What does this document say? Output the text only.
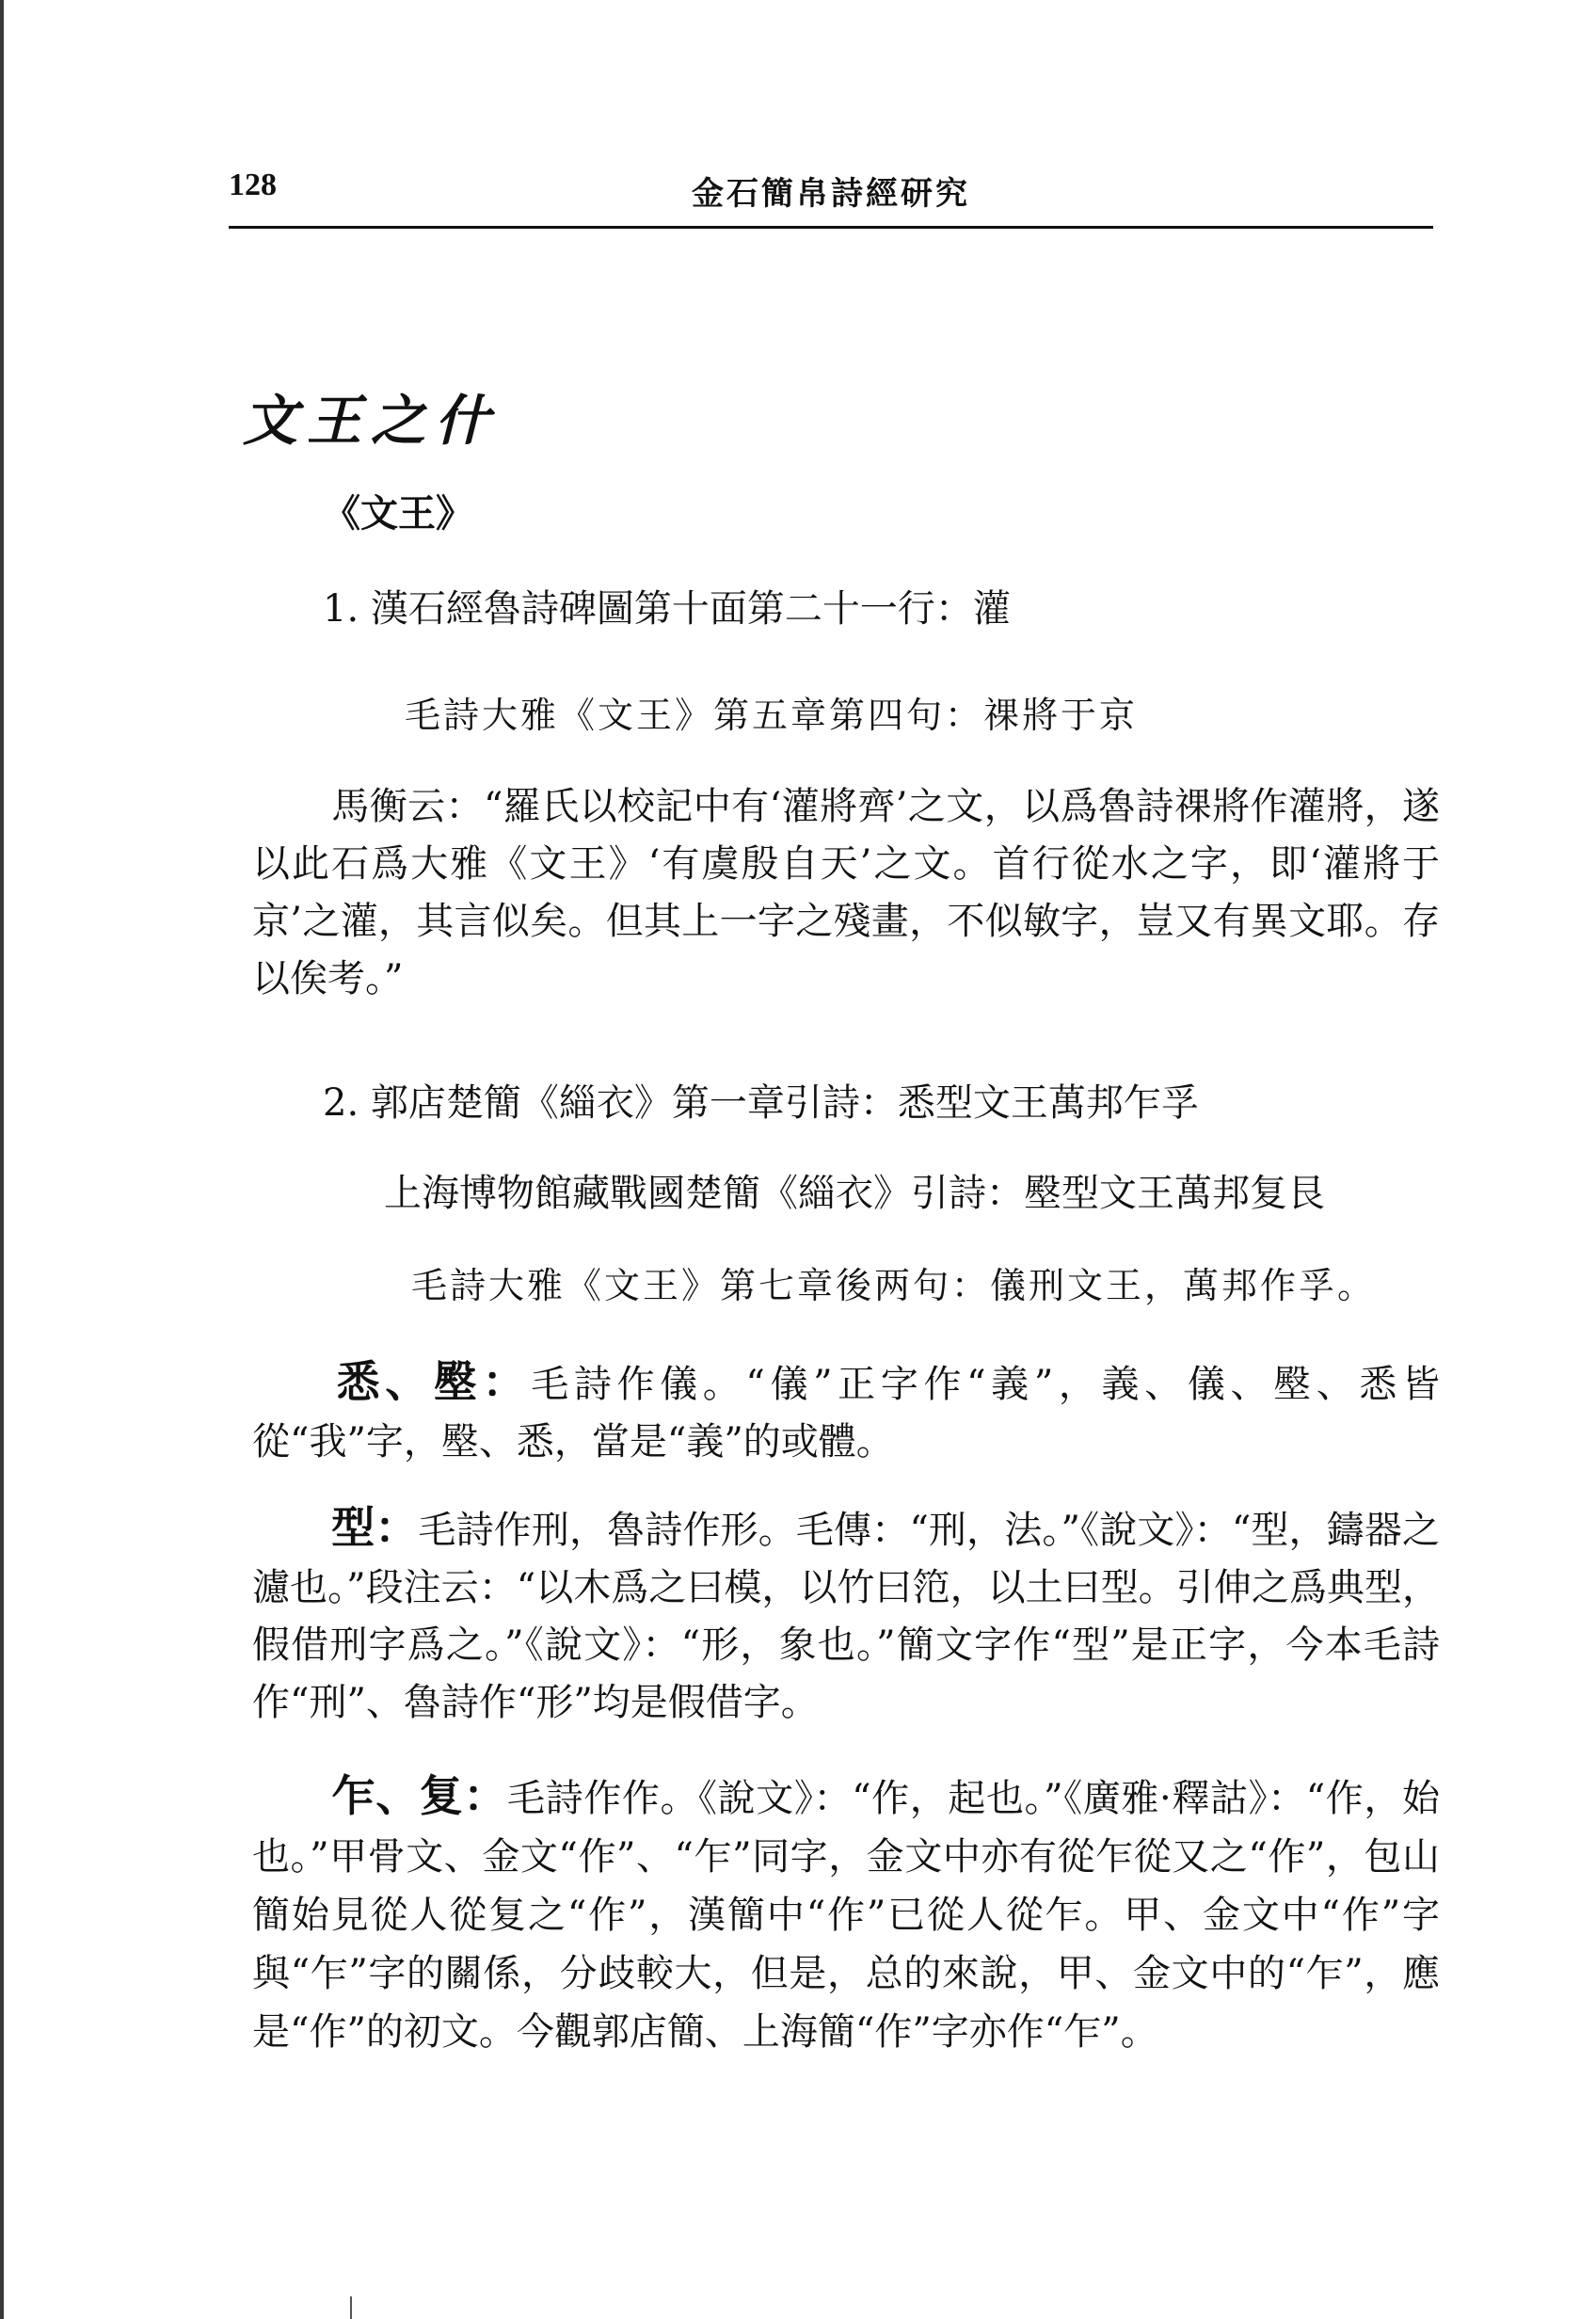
128	金石簡帛詩經研究
文王之什
《文王》
1. 漢石經魯詩碑圖第十面第二十一行：灌
毛詩大雅《文王》第五章第四句：祼將于京
馬衡云：“羅氏以校記中有‘灌將齊’之文，以爲魯詩祼將作灌將，遂以此石爲大雅《文王》‘有虞殷自天’之文。首行從水之字，即‘灌將于京’之灌，其言似矣。但其上一字之殘畫，不似敏字，豈又有異文耶。存以俟考。”
2. 郭店楚簡《緇衣》第一章引詩：悉型文王萬邦乍孚
上海博物館藏戰國楚簡《緇衣》引詩：壂型文王萬邦复艮
毛詩大雅《文王》第七章後两句：儀刑文王，萬邦作孚。
悉、壂：毛詩作儀。“儀”正字作“義”，義、儀、壂、悉皆從“我”字，壂、悉，當是“義”的或體。
型：毛詩作刑，魯詩作形。毛傳：“刑，法。”《說文》：“型，鑄器之濾也。”段注云：“以木爲之曰模，以竹曰笵，以土曰型。引伸之爲典型，假借刑字爲之。”《說文》：“形，象也。”簡文字作“型”是正字，今本毛詩作“刑”、魯詩作“形”均是假借字。
乍、复：毛詩作作。《說文》：“作，起也。”《廣雅·釋詁》：“作，始也。”甲骨文、金文“作”、“乍”同字，金文中亦有從乍從又之“作”，包山簡始見從人從复之“作”，漢簡中“作”已從人從乍。甲、金文中“作”字與“乍”字的關係，分歧較大，但是，总的來說，甲、金文中的“乍”，應是“作”的初文。今觀郭店簡、上海簡“作”字亦作“乍”。
